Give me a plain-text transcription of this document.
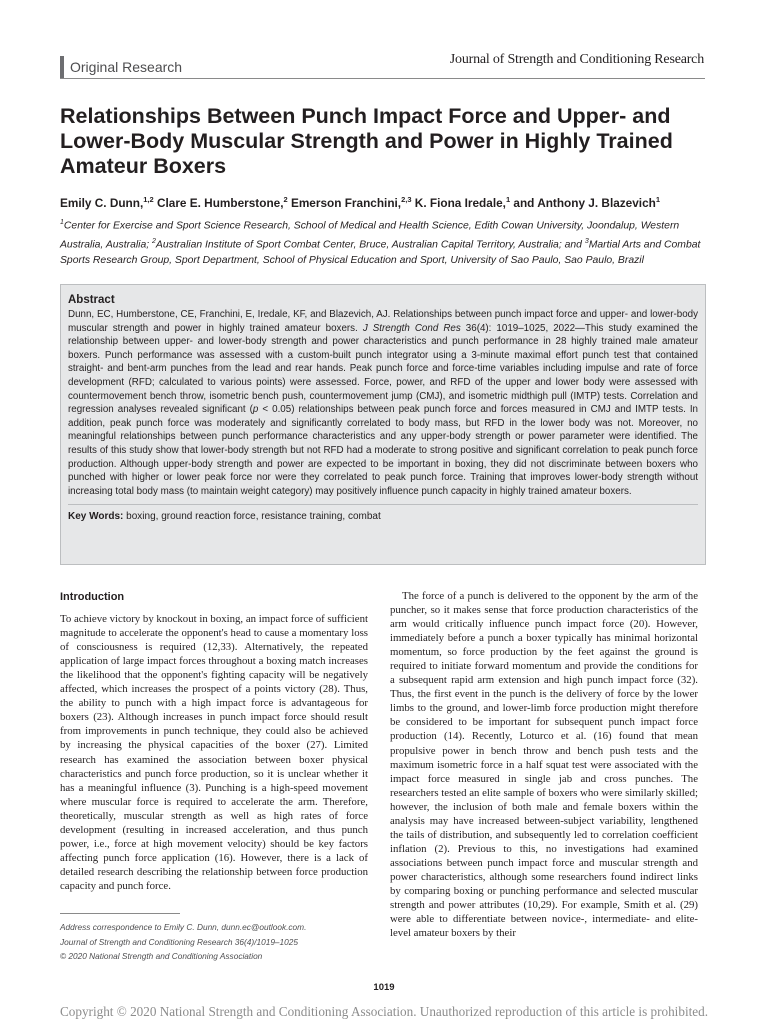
Original Research	Journal of Strength and Conditioning Research
Relationships Between Punch Impact Force and Upper- and Lower-Body Muscular Strength and Power in Highly Trained Amateur Boxers
Emily C. Dunn,$^{1,2}$ Clare E. Humberstone,$^2$ Emerson Franchini,$^{2,3}$ K. Fiona Iredale,$^1$ and Anthony J. Blazevich$^1$
$^1$Center for Exercise and Sport Science Research, School of Medical and Health Science, Edith Cowan University, Joondalup, Western Australia, Australia; $^2$Australian Institute of Sport Combat Center, Bruce, Australian Capital Territory, Australia; and $^3$Martial Arts and Combat Sports Research Group, Sport Department, School of Physical Education and Sport, University of Sao Paulo, Sao Paulo, Brazil
Abstract

Dunn, EC, Humberstone, CE, Franchini, E, Iredale, KF, and Blazevich, AJ. Relationships between punch impact force and upper- and lower-body muscular strength and power in highly trained amateur boxers. J Strength Cond Res 36(4): 1019–1025, 2022—This study examined the relationship between upper- and lower-body strength and power characteristics and punch performance in 28 highly trained male amateur boxers. Punch performance was assessed with a custom-built punch integrator using a 3-minute maximal effort punch test that contained straight- and bent-arm punches from the lead and rear hands. Peak punch force and force-time variables including impulse and rate of force development (RFD; calculated to various points) were assessed. Force, power, and RFD of the upper and lower body were assessed with countermovement bench throw, isometric bench push, countermovement jump (CMJ), and isometric midthigh pull (IMTP) tests. Correlation and regression analyses revealed significant (p < 0.05) relationships between peak punch force and forces measured in CMJ and IMTP tests. In addition, peak punch force was moderately and significantly correlated to body mass, but RFD in the lower body was not. Moreover, no meaningful relationships between punch performance characteristics and any upper-body strength or power parameter were identified. The results of this study show that lower-body strength but not RFD had a moderate to strong positive and significant correlation to peak punch force production. Although upper-body strength and power are expected to be important in boxing, they did not discriminate between boxers who punched with higher or lower peak force nor were they correlated to peak punch force. Training that improves lower-body strength without increasing total body mass (to maintain weight category) may positively influence punch capacity in highly trained amateur boxers.

Key Words: boxing, ground reaction force, resistance training, combat
Introduction

To achieve victory by knockout in boxing, an impact force of sufficient magnitude to accelerate the opponent's head to cause a momentary loss of consciousness is required (12,33). Alternatively, the repeated application of large impact forces throughout a boxing match increases the likelihood that the opponent's fighting capacity will be negatively affected, which increases the prospect of a points victory (28). Thus, the ability to punch with a high impact force is advantageous for boxers (23). Although increases in punch impact force should result from improvements in punch technique, they could also be achieved by increasing the physical capacities of the boxer (27). Limited research has examined the association between boxer physical characteristics and punch force production, so it is unclear whether it has a meaningful influence (3). Punching is a high-speed movement where muscular force is required to accelerate the arm. Therefore, theoretically, muscular strength as well as high rates of force development (resulting in increased acceleration, and thus punch power, i.e., force at high movement velocity) should be key factors affecting punch force application (16). However, there is a lack of detailed research describing the relationship between force production capacity and punch force.

The force of a punch is delivered to the opponent by the arm of the puncher, so it makes sense that force production characteristics of the arm would critically influence punch impact force (20). However, immediately before a punch a boxer typically has minimal horizontal momentum, so force production by the feet against the ground is required to initiate forward momentum and provide the conditions for a subsequent rapid arm extension and high punch impact force (32). Thus, the first event in the punch is the delivery of force by the lower limbs to the ground, and lower-limb force production might therefore be considered to be important for subsequent punch impact force production (14). Recently, Loturco et al. (16) found that mean propulsive power in bench throw and bench push tests and the maximum isometric force in a half squat test were associated with the impact force measured in single jab and cross punches. The researchers tested an elite sample of boxers who were similarly skilled; however, the inclusion of both male and female boxers within the analysis may have increased between-subject variability, lengthened the tails of distribution, and subsequently led to correlation coefficient inflation (2). Previous to this, no investigations had examined associations between punch impact force and muscular strength and power characteristics, although some researchers found indirect links by comparing boxing or punching performance and selected muscular strength and power attributes (10,29). For example, Smith et al. (29) were able to differentiate between novice-, intermediate- and elite-level amateur boxers by their

Address correspondence to Emily C. Dunn, dunn.ec@outlook.com.
Journal of Strength and Conditioning Research 36(4)/1019–1025
© 2020 National Strength and Conditioning Association
1019
Copyright © 2020 National Strength and Conditioning Association. Unauthorized reproduction of this article is prohibited.
